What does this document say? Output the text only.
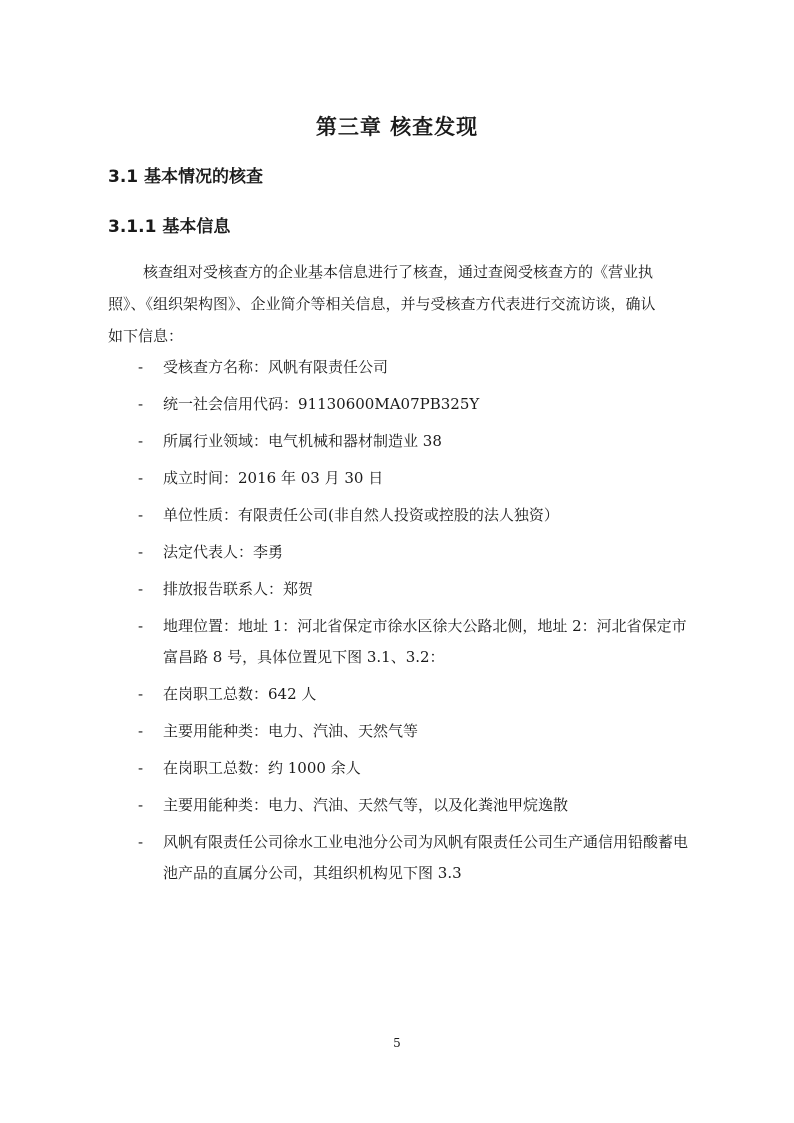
第三章 核查发现
3.1 基本情况的核查
3.1.1 基本信息
核查组对受核查方的企业基本信息进行了核查，通过查阅受核查方的《营业执照》、《组织架构图》、企业简介等相关信息，并与受核查方代表进行交流访谈，确认如下信息：
- 受核查方名称：风帆有限责任公司
- 统一社会信用代码：91130600MA07PB325Y
- 所属行业领域：电气机械和器材制造业 38
- 成立时间：2016 年 03 月 30 日
- 单位性质：有限责任公司(非自然人投资或控股的法人独资）
- 法定代表人：李勇
- 排放报告联系人：郑贺
- 地理位置：地址 1：河北省保定市徐水区徐大公路北侧，地址 2：河北省保定市富昌路 8 号，具体位置见下图 3.1、3.2：
- 在岗职工总数：642 人
- 主要用能种类：电力、汽油、天然气等
- 在岗职工总数：约 1000 余人
- 主要用能种类：电力、汽油、天然气等，以及化粪池甲烷逸散
- 风帆有限责任公司徐水工业电池分公司为风帆有限责任公司生产通信用铅酸蓄电池产品的直属分公司，其组织机构见下图 3.3
5
